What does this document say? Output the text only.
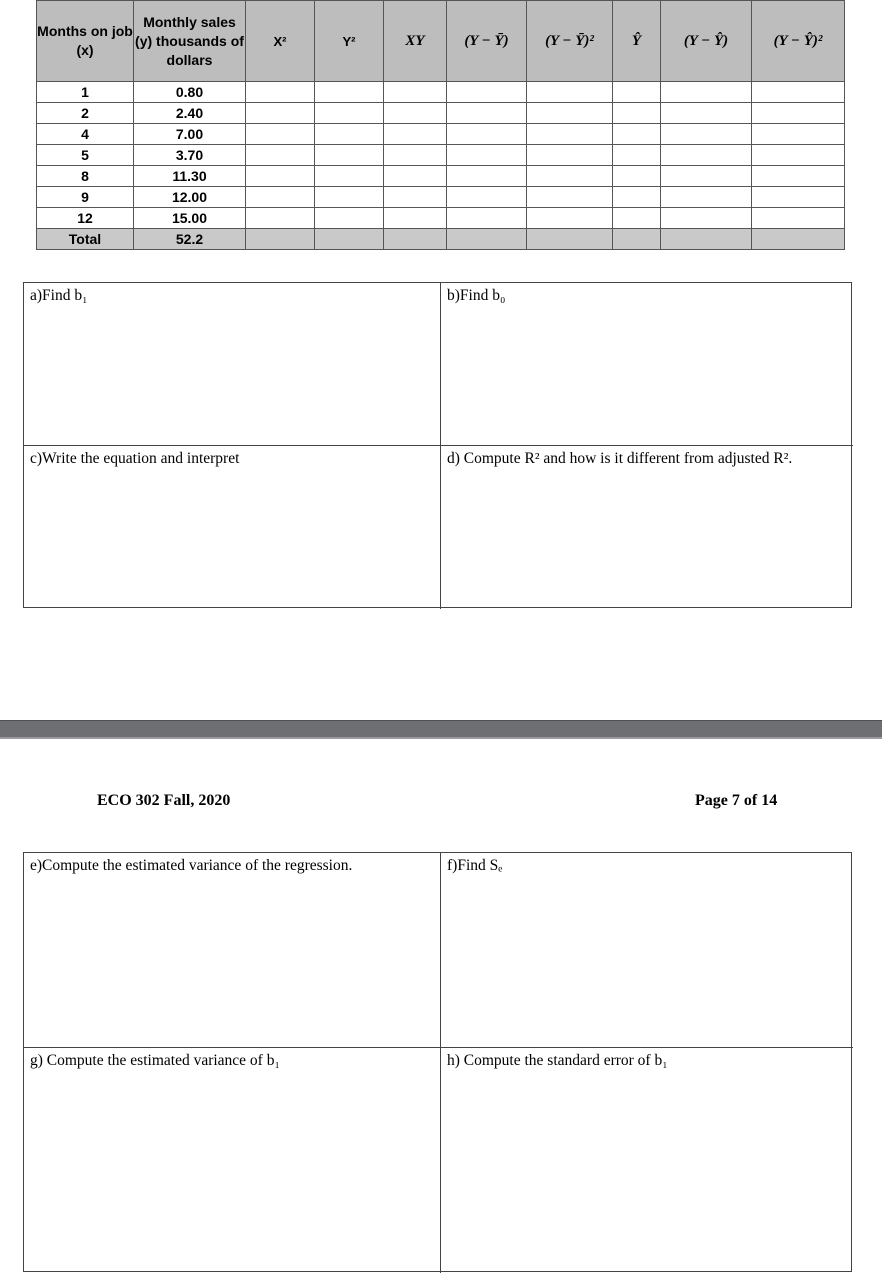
Months on job (x)	Monthly sales (y) thousands of dollars	X²	Y²	XY	(Y − Ȳ)	(Y − Ȳ)²	Ŷ	(Y − Ŷ)	(Y − Ŷ)²
1	0.80								
2	2.40								
4	7.00								
5	3.70								
8	11.30								
9	12.00								
12	15.00								
Total	52.2								
a)Find b₁	b)Find b₀
c)Write the equation and interpret	d) Compute R² and how is it different from adjusted R².
ECO 302 Fall, 2020	Page 7 of 14
e)Compute the estimated variance of the regression.	f)Find Sₑ
g) Compute the estimated variance of b₁	h) Compute the standard error of b₁
